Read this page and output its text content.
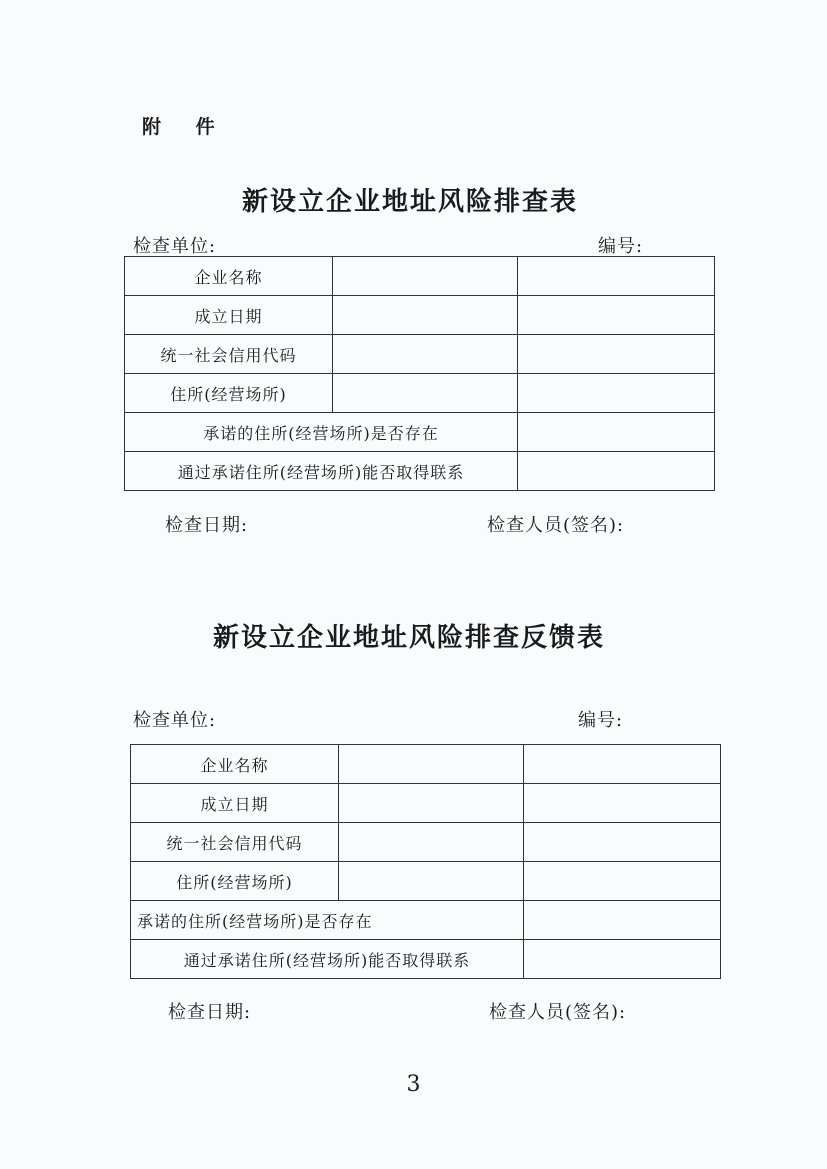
附 件
新设立企业地址风险排查表
检查单位:	编号:
企业名称		
成立日期		
统一社会信用代码		
住所(经营场所)		
承诺的住所(经营场所)是否存在		
通过承诺住所(经营场所)能否取得联系		
检查日期:	检查人员(签名):
新设立企业地址风险排查反馈表
检查单位:	编号:
企业名称		
成立日期		
统一社会信用代码		
住所(经营场所)		
承诺的住所(经营场所)是否存在		
通过承诺住所(经营场所)能否取得联系		
检查日期:	检查人员(签名):
3
